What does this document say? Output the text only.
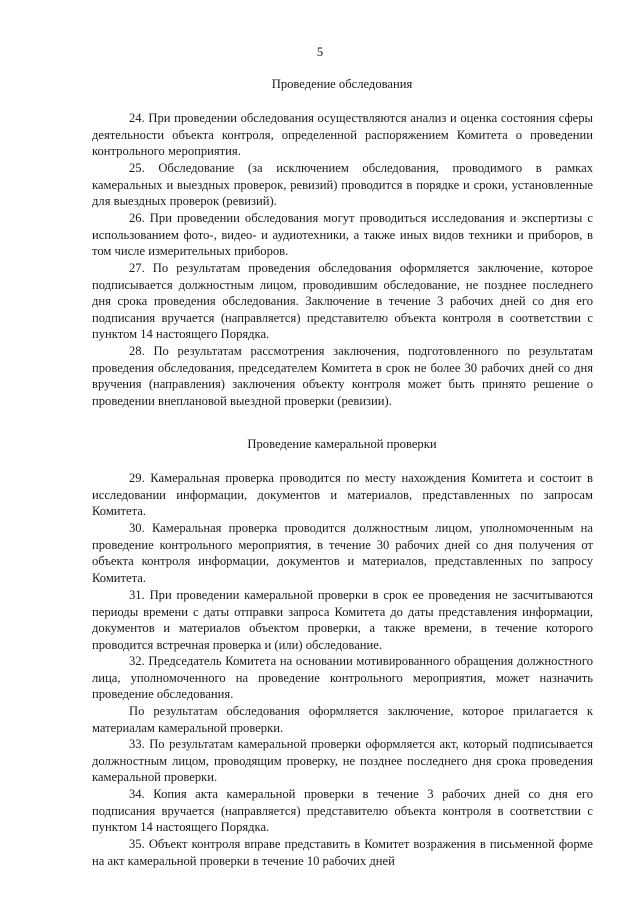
5
Проведение обследования

24. При проведении обследования осуществляются анализ и оценка состояния сферы деятельности объекта контроля, определенной распоряжением Комитета о проведении контрольного мероприятия.

25. Обследование (за исключением обследования, проводимого в рамках камеральных и выездных проверок, ревизий) проводится в порядке и сроки, установленные для выездных проверок (ревизий).

26. При проведении обследования могут проводиться исследования и экспертизы с использованием фото-, видео- и аудиотехники, а также иных видов техники и приборов, в том числе измерительных приборов.

27. По результатам проведения обследования оформляется заключение, которое подписывается должностным лицом, проводившим обследование, не позднее последнего дня срока проведения обследования. Заключение в течение 3 рабочих дней со дня его подписания вручается (направляется) представителю объекта контроля в соответствии с пунктом 14 настоящего Порядка.

28. По результатам рассмотрения заключения, подготовленного по результатам проведения обследования, председателем Комитета в срок не более 30 рабочих дней со дня вручения (направления) заключения объекту контроля может быть принято решение о проведении внеплановой выездной проверки (ревизии).

Проведение камеральной проверки

29. Камеральная проверка проводится по месту нахождения Комитета и состоит в исследовании информации, документов и материалов, представленных по запросам Комитета.

30. Камеральная проверка проводится должностным лицом, уполномоченным на проведение контрольного мероприятия, в течение 30 рабочих дней со дня получения от объекта контроля информации, документов и материалов, представленных по запросу Комитета.

31. При проведении камеральной проверки в срок ее проведения не засчитываются периоды времени с даты отправки запроса Комитета до даты представления информации, документов и материалов объектом проверки, а также времени, в течение которого проводится встречная проверка и (или) обследование.

32. Председатель Комитета на основании мотивированного обращения должностного лица, уполномоченного на проведение контрольного мероприятия, может назначить проведение обследования.

По результатам обследования оформляется заключение, которое прилагается к материалам камеральной проверки.

33. По результатам камеральной проверки оформляется акт, который подписывается должностным лицом, проводящим проверку, не позднее последнего дня срока проведения камеральной проверки.

34. Копия акта камеральной проверки в течение 3 рабочих дней со дня его подписания вручается (направляется) представителю объекта контроля в соответствии с пунктом 14 настоящего Порядка.

35. Объект контроля вправе представить в Комитет возражения в письменной форме на акт камеральной проверки в течение 10 рабочих дней
